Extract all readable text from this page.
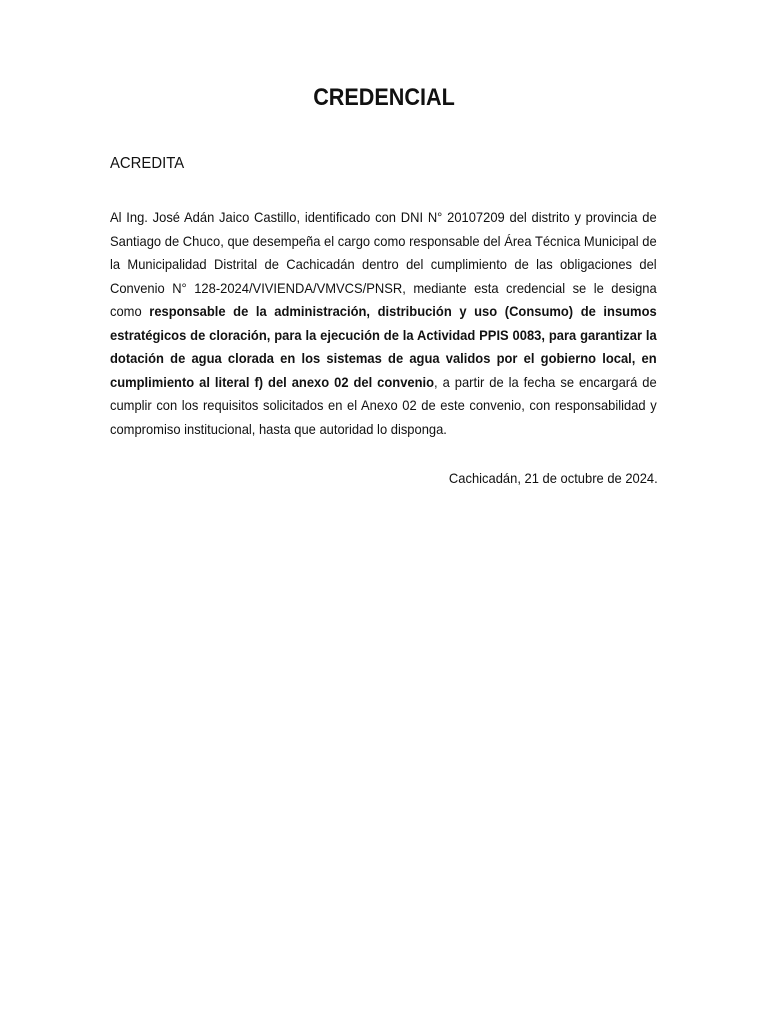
CREDENCIAL
ACREDITA
Al Ing. José Adán Jaico Castillo, identificado con DNI N° 20107209 del distrito y provincia de Santiago de Chuco, que desempeña el cargo como responsable del Área Técnica Municipal de la Municipalidad Distrital de Cachicadán dentro del cumplimiento de las obligaciones del Convenio N° 128-2024/VIVIENDA/VMVCS/PNSR, mediante esta credencial se le designa como responsable de la administración, distribución y uso (Consumo) de insumos estratégicos de cloración, para la ejecución de la Actividad PPIS 0083, para garantizar la dotación de agua clorada en los sistemas de agua validos por el gobierno local, en cumplimiento al literal f) del anexo 02 del convenio, a partir de la fecha se encargará de cumplir con los requisitos solicitados en el Anexo 02 de este convenio, con responsabilidad y compromiso institucional, hasta que autoridad lo disponga.
Cachicadán, 21 de octubre de 2024.
